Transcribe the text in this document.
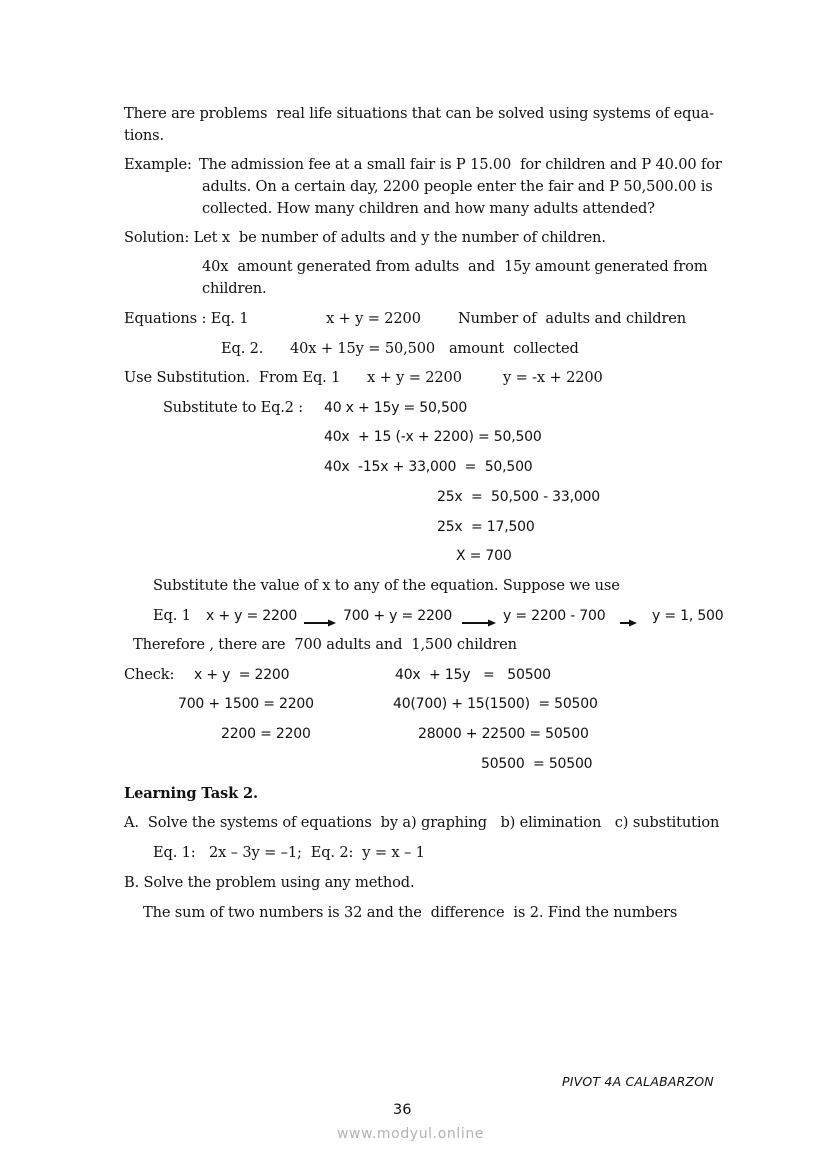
There are problems  real life situations that can be solved using systems of equa-
tions.
Example: The admission fee at a small fair is P 15.00  for children and P 40.00 for
adults. On a certain day, 2200 people enter the fair and P 50,500.00 is
collected. How many children and how many adults attended?
Solution: Let x  be number of adults and y the number of children.
40x  amount generated from adults  and  15y amount generated from
children.
Equations : Eq. 1	x + y = 2200	Number of  adults and children
Eq. 2. 40x + 15y = 50,500 amount  collected
Use Substitution.  From Eq. 1 x + y = 2200	y = -x + 2200
Substitute to Eq.2 : 40 x + 15y = 50,500
40x  + 15 (-x + 2200) = 50,500
40x  -15x + 33,000  =  50,500
25x  =  50,500 - 33,000
25x  = 17,500
X = 700
Substitute the value of x to any of the equation. Suppose we use
Eq. 1 x + y = 2200	700 + y = 2200	y = 2200 - 700	y = 1, 500
Therefore , there are  700 adults and  1,500 children
Check: x + y  = 2200
700 + 1500 = 2200
2200 = 2200
40x  + 15y   =   50500
40(700) + 15(1500)  = 50500
28000 + 22500 = 50500
50500  = 50500
Learning Task 2.
A.  Solve the systems of equations  by a) graphing   b) elimination   c) substitution
Eq. 1:   2x – 3y = –1;  Eq. 2:  y = x – 1
B. Solve the problem using any method.
The sum of two numbers is 32 and the  difference  is 2. Find the numbers
PIVOT 4A CALABARZON
36
www.modyul.online
